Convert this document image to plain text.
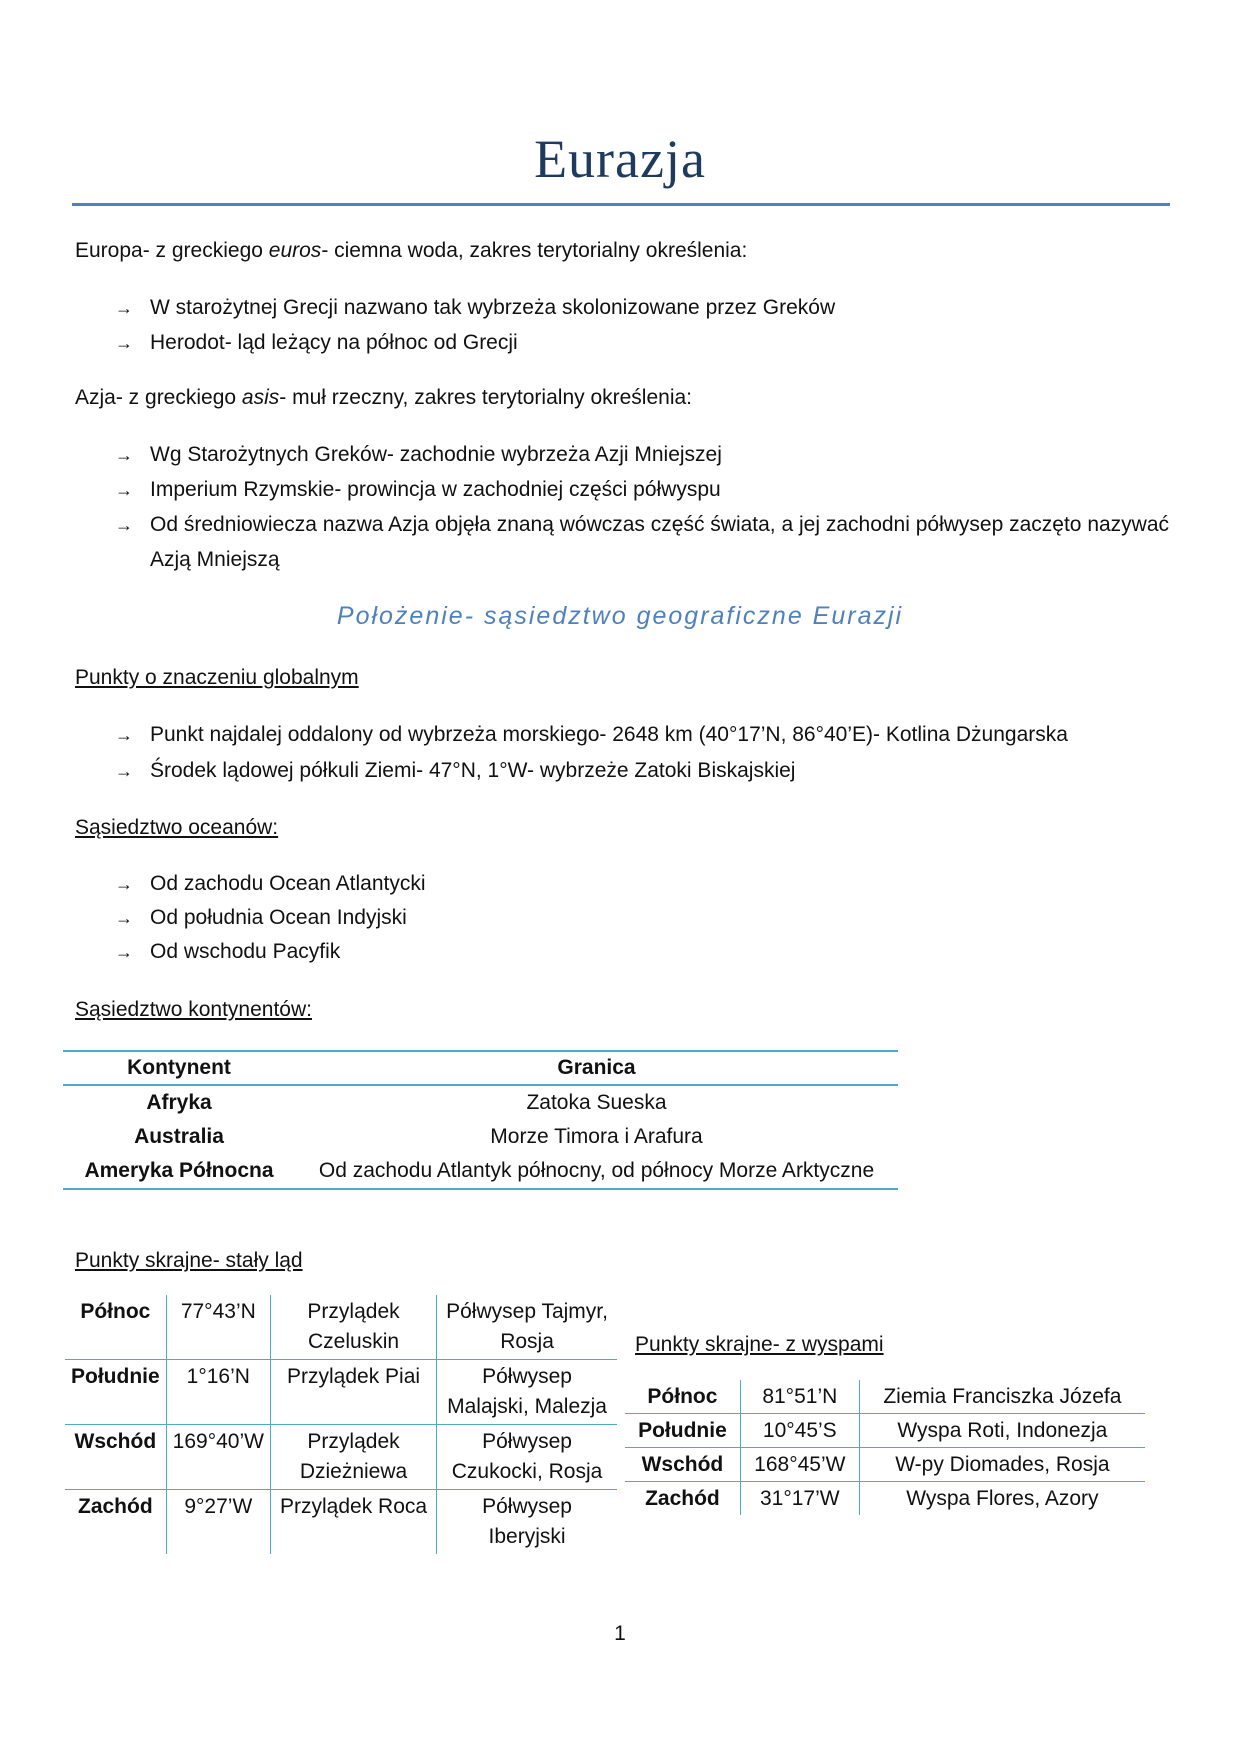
Eurazja
Europa- z greckiego euros- ciemna woda, zakres terytorialny określenia:
→ W starożytnej Grecji nazwano tak wybrzeża skolonizowane przez Greków
→ Herodot- ląd leżący na północ od Grecji
Azja- z greckiego asis- muł rzeczny, zakres terytorialny określenia:
→ Wg Starożytnych Greków- zachodnie wybrzeża Azji Mniejszej
→ Imperium Rzymskie- prowincja w zachodniej części półwyspu
→ Od średniowiecza nazwa Azja objęła znaną wówczas część świata, a jej zachodni półwysep zaczęto nazywać Azją Mniejszą
Położenie- sąsiedztwo geograficzne Eurazji
Punkty o znaczeniu globalnym
→ Punkt najdalej oddalony od wybrzeża morskiego- 2648 km (40°17’N, 86°40’E)- Kotlina Dżungarska
→ Środek lądowej półkuli Ziemi- 47°N, 1°W- wybrzeże Zatoki Biskajskiej
Sąsiedztwo oceanów:
→ Od zachodu Ocean Atlantycki
→ Od południa Ocean Indyjski
→ Od wschodu Pacyfik
Sąsiedztwo kontynentów:
Kontynent	Granica
Afryka	Zatoka Sueska
Australia	Morze Timora i Arafura
Ameryka Północna	Od zachodu Atlantyk północny, od północy Morze Arktyczne
Punkty skrajne- stały ląd
Północ	77°43’N	Przylądek Czeluskin	Półwysep Tajmyr, Rosja
Południe	1°16’N	Przylądek Piai	Półwysep Malajski, Malezja
Wschód	169°40’W	Przylądek Dzieżniewa	Półwysep Czukocki, Rosja
Zachód	9°27’W	Przylądek Roca	Półwysep Iberyjski
Punkty skrajne- z wyspami
Północ	81°51’N	Ziemia Franciszka Józefa
Południe	10°45’S	Wyspa Roti, Indonezja
Wschód	168°45’W	W-py Diomades, Rosja
Zachód	31°17’W	Wyspa Flores, Azory
1
